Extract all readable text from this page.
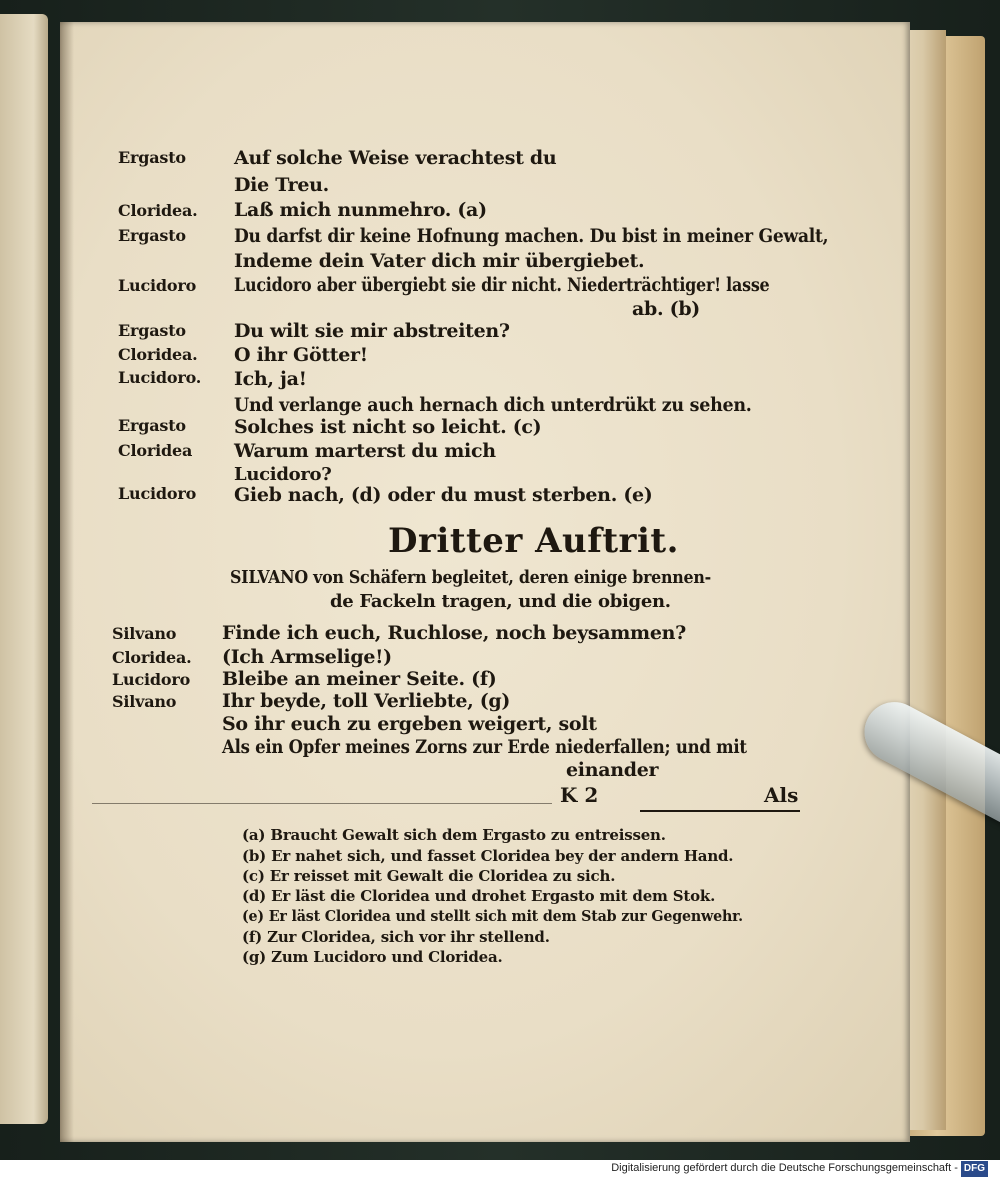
Ergasto	Auf solche Weise verachtest du
Die Treu.
Cloridea. Laß mich nunmehro. (a)
Ergasto	Du darfst dir keine Hofnung machen. Du bist in meiner Gewalt,
Indeme dein Vater dich mir übergiebet.
Lucidoro Lucidoro aber übergiebt sie dir nicht. Niederträchtiger! lasse
ab. (b)
Ergasto	Du wilt sie mir abstreiten?
Cloridea. O ihr Götter!
Lucidoro. Ich, ja!
Und verlange auch hernach dich unterdrükt zu sehen.
Ergasto	Solches ist nicht so leicht. (c)
Cloridea Warum marterst du mich
Lucidoro?
Lucidoro Gieb nach, (d) oder du must sterben. (e)
Dritter Auftrit.
SILVANO von Schäfern begleitet, deren einige brennen-
de Fackeln tragen, und die obigen.
Silvano Finde ich euch, Ruchlose, noch beysammen?
Cloridea. (Ich Armselige!)
Lucidoro Bleibe an meiner Seite. (f)
Silvano Ihr beyde, toll Verliebte, (g)
So ihr euch zu ergeben weigert, solt
Als ein Opfer meines Zorns zur Erde niederfallen; und mit
einander
K 2	Als
(a) Braucht Gewalt sich dem Ergasto zu entreissen.
(b) Er nahet sich, und fasset Cloridea bey der andern Hand.
(c) Er reisset mit Gewalt die Cloridea zu sich.
(d) Er läst die Cloridea und drohet Ergasto mit dem Stok.
(e) Er läst Cloridea und stellt sich mit dem Stab zur Gegenwehr.
(f) Zur Cloridea, sich vor ihr stellend.
(g) Zum Lucidoro und Cloridea.
Digitalisierung gefördert durch die Deutsche Forschungsgemeinschaft - DFG
